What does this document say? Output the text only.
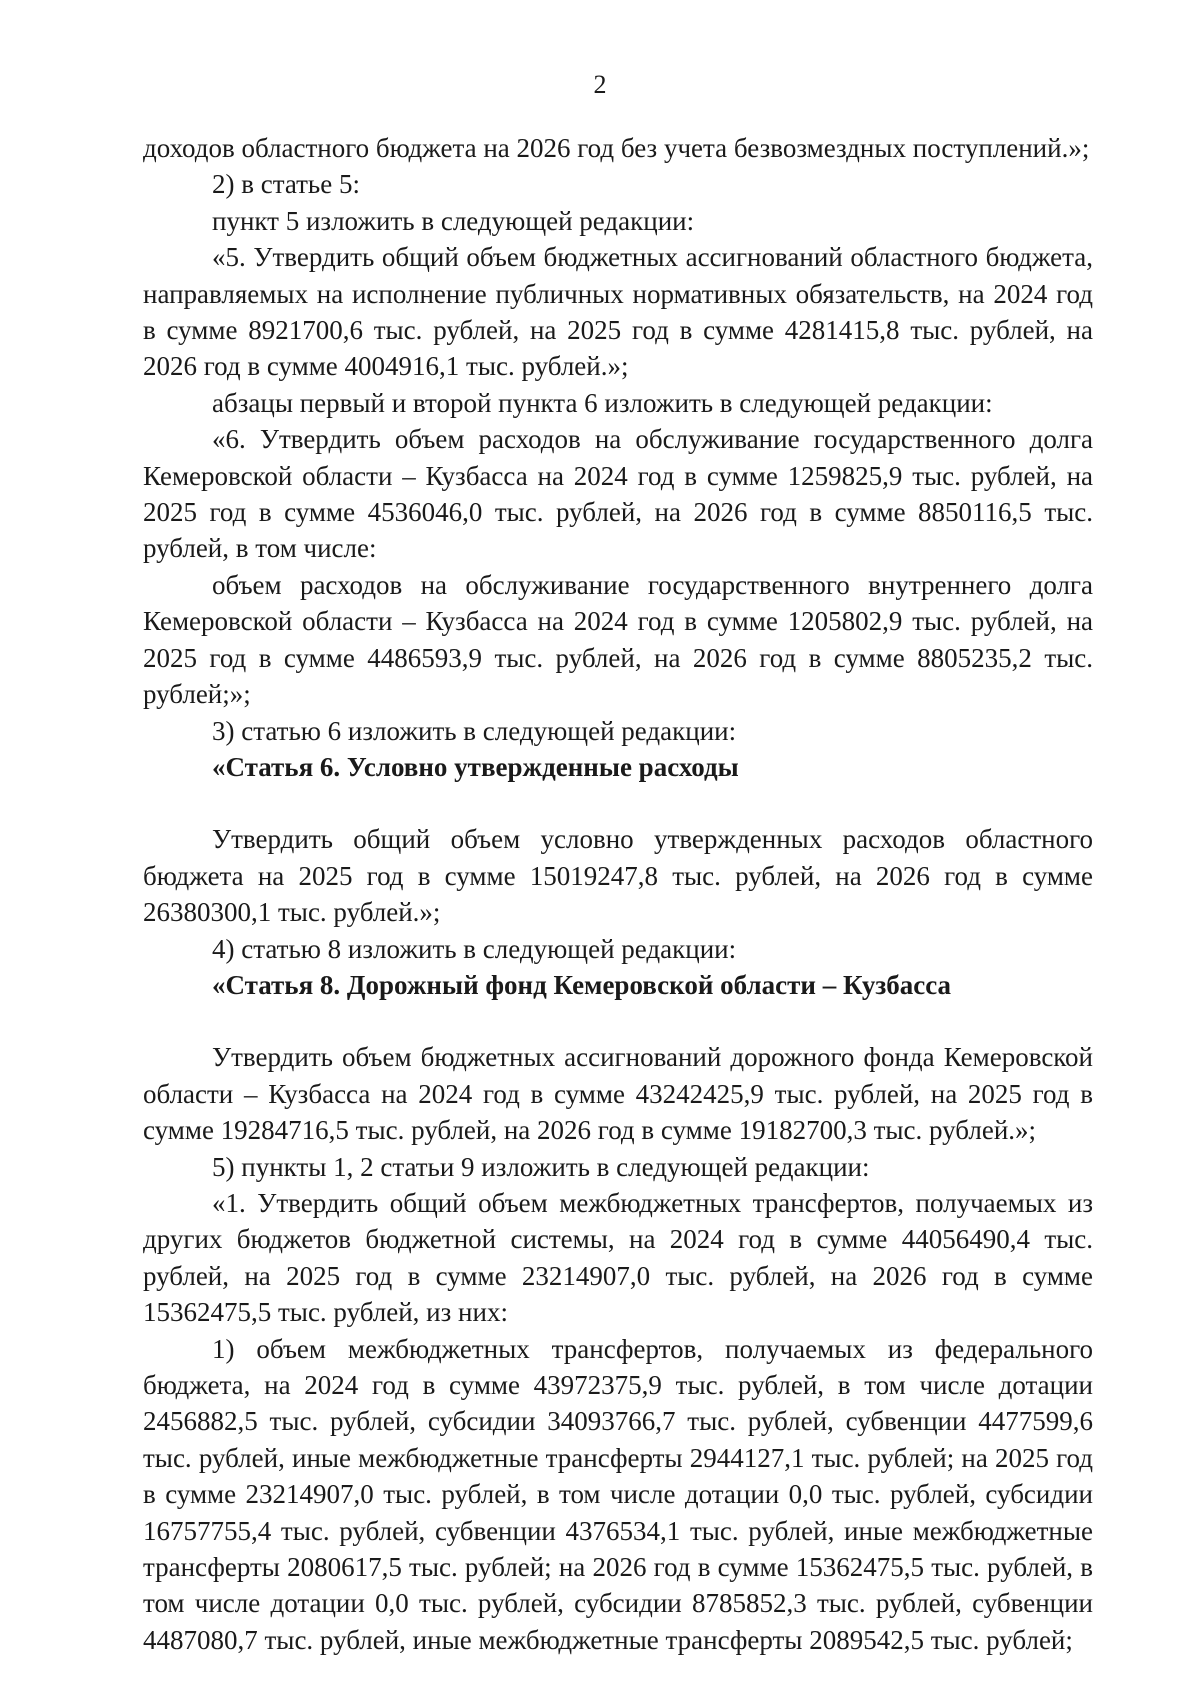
2

доходов областного бюджета на 2026 год без учета безвозмездных поступлений.»;

2) в статье 5:

пункт 5 изложить в следующей редакции:

«5. Утвердить общий объем бюджетных ассигнований областного бюджета, направляемых на исполнение публичных нормативных обязательств, на 2024 год в сумме 8921700,6 тыс. рублей, на 2025 год в сумме 4281415,8 тыс. рублей, на 2026 год в сумме 4004916,1 тыс. рублей.»;

абзацы первый и второй пункта 6 изложить в следующей редакции:

«6. Утвердить объем расходов на обслуживание государственного долга Кемеровской области – Кузбасса на 2024 год в сумме 1259825,9 тыс. рублей, на 2025 год в сумме 4536046,0 тыс. рублей, на 2026 год в сумме 8850116,5 тыс. рублей, в том числе:

объем расходов на обслуживание государственного внутреннего долга Кемеровской области – Кузбасса на 2024 год в сумме 1205802,9 тыс. рублей, на 2025 год в сумме 4486593,9 тыс. рублей, на 2026 год в сумме 8805235,2 тыс. рублей;»;

3) статью 6 изложить в следующей редакции:

«Статья 6. Условно утвержденные расходы

Утвердить общий объем условно утвержденных расходов областного бюджета на 2025 год в сумме 15019247,8 тыс. рублей, на 2026 год в сумме 26380300,1 тыс. рублей.»;

4) статью 8 изложить в следующей редакции:

«Статья 8. Дорожный фонд Кемеровской области – Кузбасса

Утвердить объем бюджетных ассигнований дорожного фонда Кемеровской области – Кузбасса на 2024 год в сумме 43242425,9 тыс. рублей, на 2025 год в сумме 19284716,5 тыс. рублей, на 2026 год в сумме 19182700,3 тыс. рублей.»;

5) пункты 1, 2 статьи 9 изложить в следующей редакции:

«1. Утвердить общий объем межбюджетных трансфертов, получаемых из других бюджетов бюджетной системы, на 2024 год в сумме 44056490,4 тыс. рублей, на 2025 год в сумме 23214907,0 тыс. рублей, на 2026 год в сумме 15362475,5 тыс. рублей, из них:

1) объем межбюджетных трансфертов, получаемых из федерального бюджета, на 2024 год в сумме 43972375,9 тыс. рублей, в том числе дотации 2456882,5 тыс. рублей, субсидии 34093766,7 тыс. рублей, субвенции 4477599,6 тыс. рублей, иные межбюджетные трансферты 2944127,1 тыс. рублей; на 2025 год в сумме 23214907,0 тыс. рублей, в том числе дотации 0,0 тыс. рублей, субсидии 16757755,4 тыс. рублей, субвенции 4376534,1 тыс. рублей, иные межбюджетные трансферты 2080617,5 тыс. рублей; на 2026 год в сумме 15362475,5 тыс. рублей, в том числе дотации 0,0 тыс. рублей, субсидии 8785852,3 тыс. рублей, субвенции 4487080,7 тыс. рублей, иные межбюджетные трансферты 2089542,5 тыс. рублей;
